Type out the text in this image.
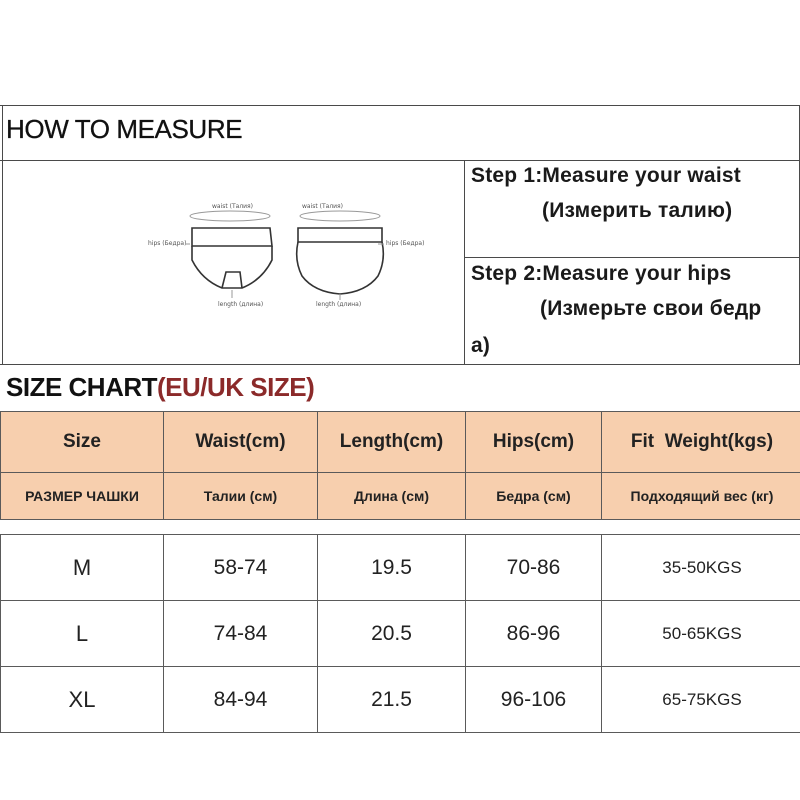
HOW TO MEASURE
waist (Талия)
hips (Бедра)
length (длина)
waist (Талия)
hips (Бедра)
length (длина)
Step 1:Measure your waist
(Измерить талию)
Step 2:Measure your hips
(Измерьте свои бедр
а)
SIZE CHART(EU/UK SIZE)
Size	Waist(cm)	Length(cm)	Hips(cm)	Fit  Weight(kgs)
РАЗМЕР ЧАШКИ	Талии (см)	Длина (см)	Бедра (см)	Подходящий вес (кг)

M	58-74	19.5	70-86	35-50KGS
L	74-84	20.5	86-96	50-65KGS
XL	84-94	21.5	96-106	65-75KGS
